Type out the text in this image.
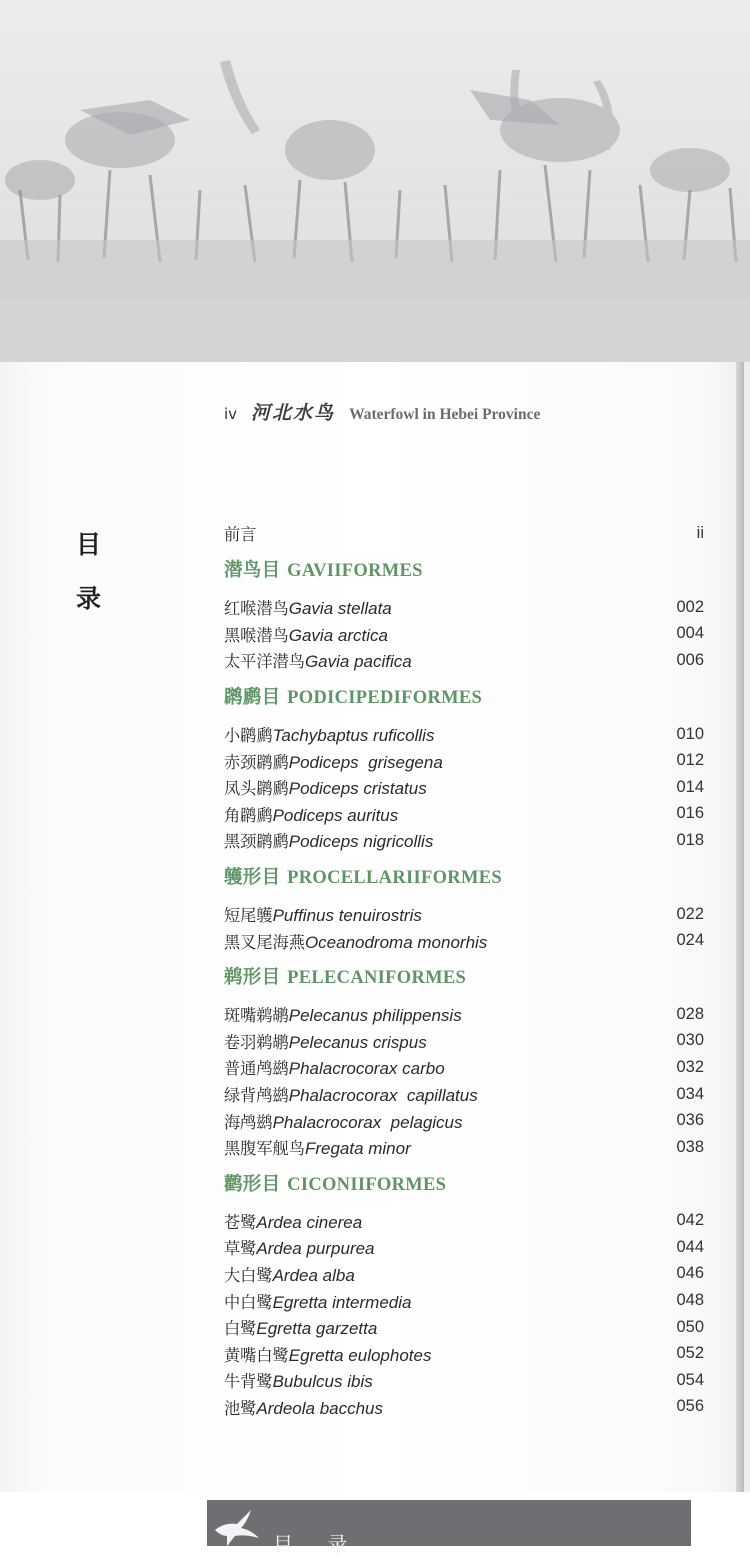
iv 河北水鸟 Waterfowl in Hebei Province
目
录
前言	ii
潜鸟目 GAVIIFORMES
红喉潜鸟Gavia stellata	002
黑喉潜鸟Gavia arctica	004
太平洋潜鸟Gavia pacifica	006
䴙䴘目 PODICIPEDIFORMES
小䴙䴘Tachybaptus ruficollis	010
赤颈䴙䴘Podiceps  grisegena	012
凤头䴙䴘Podiceps cristatus	014
角䴙䴘Podiceps auritus	016
黑颈䴙䴘Podiceps nigricollis	018
鹱形目 PROCELLARIIFORMES
短尾鹱Puffinus tenuirostris	022
黑叉尾海燕Oceanodroma monorhis	024
鹈形目 PELECANIFORMES
斑嘴鹈鹕Pelecanus philippensis	028
卷羽鹈鹕Pelecanus crispus	030
普通鸬鹚Phalacrocorax carbo	032
绿背鸬鹚Phalacrocorax  capillatus	034
海鸬鹚Phalacrocorax  pelagicus	036
黑腹军舰鸟Fregata minor	038
鹳形目 CICONIIFORMES
苍鹭Ardea cinerea	042
草鹭Ardea purpurea	044
大白鹭Ardea alba	046
中白鹭Egretta intermedia	048
白鹭Egretta garzetta	050
黄嘴白鹭Egretta eulophotes	052
牛背鹭Bubulcus ibis	054
池鹭Ardeola bacchus	056
目 录
